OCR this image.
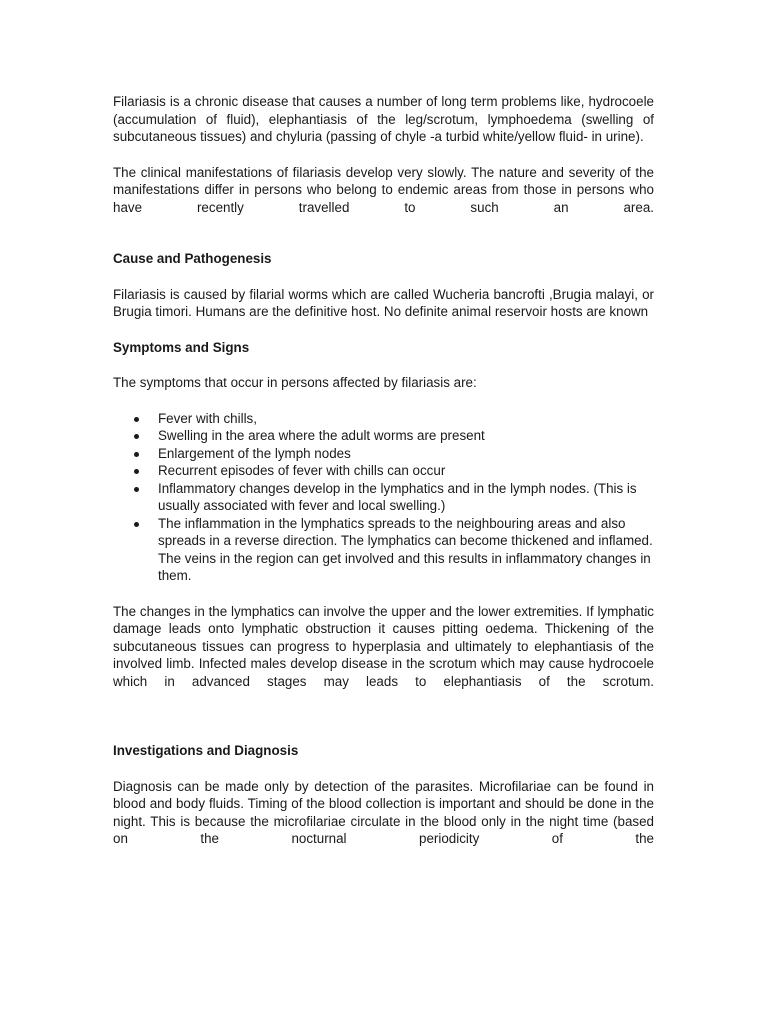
Filariasis is a chronic disease that causes a number of long term problems like, hydrocoele (accumulation of fluid), elephantiasis of the leg/scrotum, lymphoedema (swelling of subcutaneous tissues) and chyluria (passing of chyle -a turbid white/yellow fluid- in urine).

The clinical manifestations of filariasis develop very slowly. The nature and severity of the manifestations differ in persons who belong to endemic areas from those in persons who have recently travelled to such an area.

Cause and Pathogenesis

Filariasis is caused by filarial worms which are called Wucheria bancrofti ,Brugia malayi, or Brugia timori. Humans are the definitive host. No definite animal reservoir hosts are known

Symptoms and Signs

The symptoms that occur in persons affected by filariasis are:

Fever with chills,
Swelling in the area where the adult worms are present
Enlargement of the lymph nodes
Recurrent episodes of fever with chills can occur
Inflammatory changes develop in the lymphatics and in the lymph nodes. (This is usually associated with fever and local swelling.)
The inflammation in the lymphatics spreads to the neighbouring areas and also spreads in a reverse direction. The lymphatics can become thickened and inflamed. The veins in the region can get involved and this results in inflammatory changes in them.

The changes in the lymphatics can involve the upper and the lower extremities. If lymphatic damage leads onto lymphatic obstruction it causes pitting oedema. Thickening of the subcutaneous tissues can progress to hyperplasia and ultimately to elephantiasis of the involved limb. Infected males develop disease in the scrotum which may cause hydrocoele which in advanced stages may leads to elephantiasis of the scrotum.

Investigations and Diagnosis

Diagnosis can be made only by detection of the parasites. Microfilariae can be found in blood and body fluids. Timing of the blood collection is important and should be done in the night. This is because the microfilariae circulate in the blood only in the night time (based on the nocturnal periodicity of the
